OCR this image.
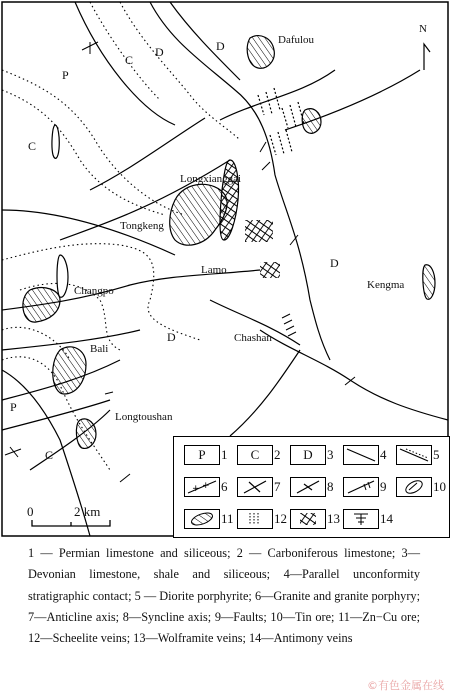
Dafulou
Longxianggai
Tongkeng
Lamo
Kengma
Changpo
Chashan
Bali
Longtoushan
D
C
D
P
C
D
D
P
C
N
0	2 km
P	1	C	2	D	3	4	5
+ + 6	7	8	9	10
11	12	13	14
1 — Permian limestone and siliceous; 2 — Carboniferous limestone; 3—Devonian limestone, shale and siliceous; 4—Parallel unconformity stratigraphic contact; 5 — Diorite porphyrite; 6—Granite and granite porphyry; 7—Anticline axis; 8—Syncline axis; 9—Faults; 10—Tin ore; 11—Zn−Cu ore; 12—Scheelite veins; 13—Wolframite veins; 14—Antimony veins
©有色金属在线
